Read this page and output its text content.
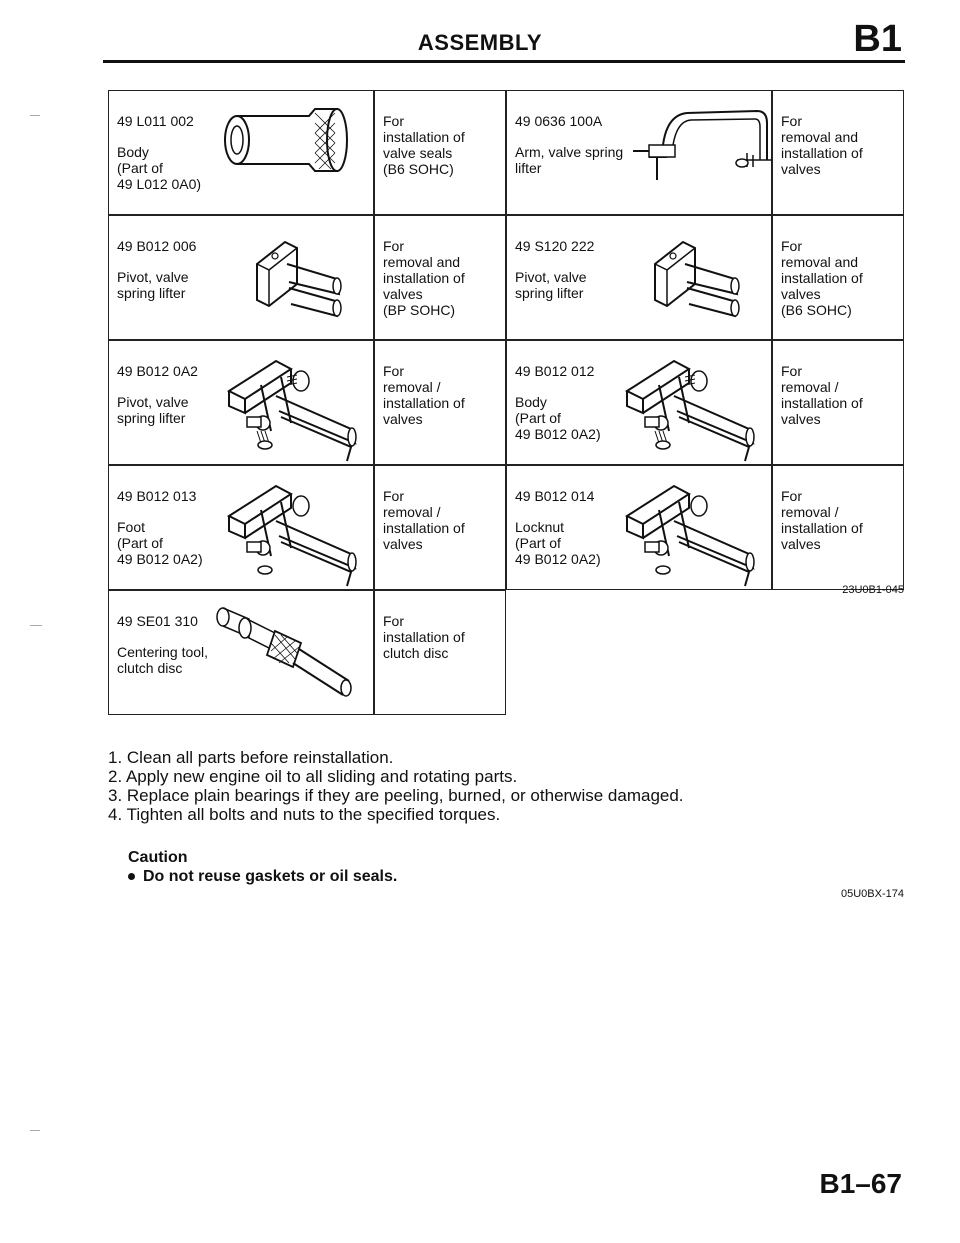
ASSEMBLY	B1
49 L011 002
Body
(Part of
49 L012 0A0)
For
installation of
valve seals
(B6 SOHC)
49 0636 100A
Arm, valve spring
lifter
For
removal and
installation of
valves
49 B012 006
Pivot, valve
spring lifter
For
removal and
installation of
valves
(BP SOHC)
49 S120 222
Pivot, valve
spring lifter
For
removal and
installation of
valves
(B6 SOHC)
49 B012 0A2
Pivot, valve
spring lifter
For
removal /
installation of
valves
49 B012 012
Body
(Part of
49 B012 0A2)
For
removal /
installation of
valves
49 B012 013
Foot
(Part of
49 B012 0A2)
For
removal /
installation of
valves
49 B012 014
Locknut
(Part of
49 B012 0A2)
For
removal /
installation of
valves
49 SE01 310
Centering tool,
clutch disc
For
installation of
clutch disc
23U0B1-045
1. Clean all parts before reinstallation.
2. Apply new engine oil to all sliding and rotating parts.
3. Replace plain bearings if they are peeling, burned, or otherwise damaged.
4. Tighten all bolts and nuts to the specified torques.
Caution
Do not reuse gaskets or oil seals.
05U0BX-174
B1–67
